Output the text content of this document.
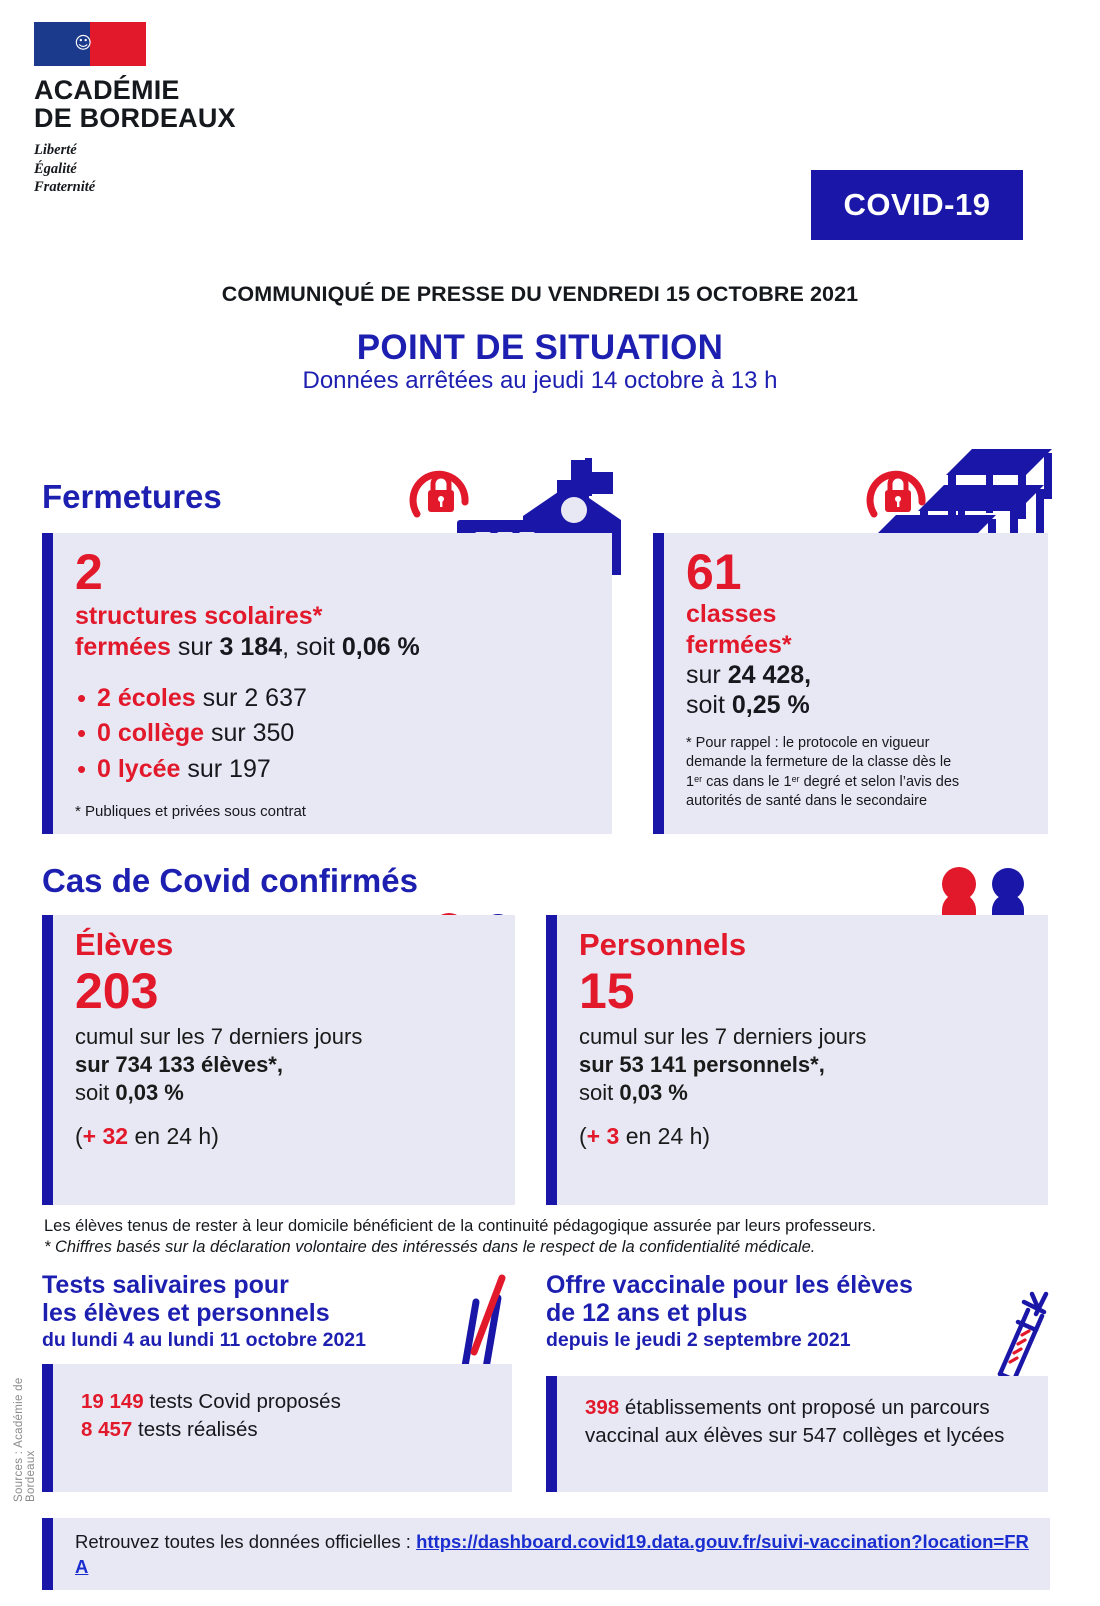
☺
ACADÉMIE
DE BORDEAUX
Liberté
Égalité
Fraternité	COVID-19
COMMUNIQUÉ DE PRESSE DU VENDREDI 15 OCTOBRE 2021
POINT DE SITUATION
Données arrêtées au jeudi 14 octobre à 13 h
Fermetures
2
structures scolaires*
fermées sur 3 184, soit 0,06 %
• 2 écoles sur 2 637
• 0 collège sur 350
• 0 lycée sur 197
* Publiques et privées sous contrat
61
classes
fermées*
sur 24 428,
soit 0,25 %
* Pour rappel : le protocole en vigueur
demande la fermeture de la classe dès le
1er cas dans le 1er degré et selon l’avis des
autorités de santé dans le secondaire
Cas de Covid confirmés
Élèves
203
cumul sur les 7 derniers jours
sur 734 133 élèves*,
soit 0,03 %
(+ 32 en 24 h)
Personnels
15
cumul sur les 7 derniers jours
sur 53 141 personnels*,
soit 0,03 %
(+ 3 en 24 h)
Les élèves tenus de rester à leur domicile bénéficient de la continuité pédagogique assurée par leurs professeurs.
* Chiffres basés sur la déclaration volontaire des intéressés dans le respect de la confidentialité médicale.
Tests salivaires pour
les élèves et personnels
du lundi 4 au lundi 11 octobre 2021
19 149 tests Covid proposés
8 457 tests réalisés
Offre vaccinale pour les élèves
de 12 ans et plus
depuis le jeudi 2 septembre 2021
398 établissements ont proposé un parcours vaccinal aux élèves sur 547 collèges et lycées
Retrouvez toutes les données officielles : https://dashboard.covid19.data.gouv.fr/suivi-vaccination?location=FRA
Sources : Académie de Bordeaux
